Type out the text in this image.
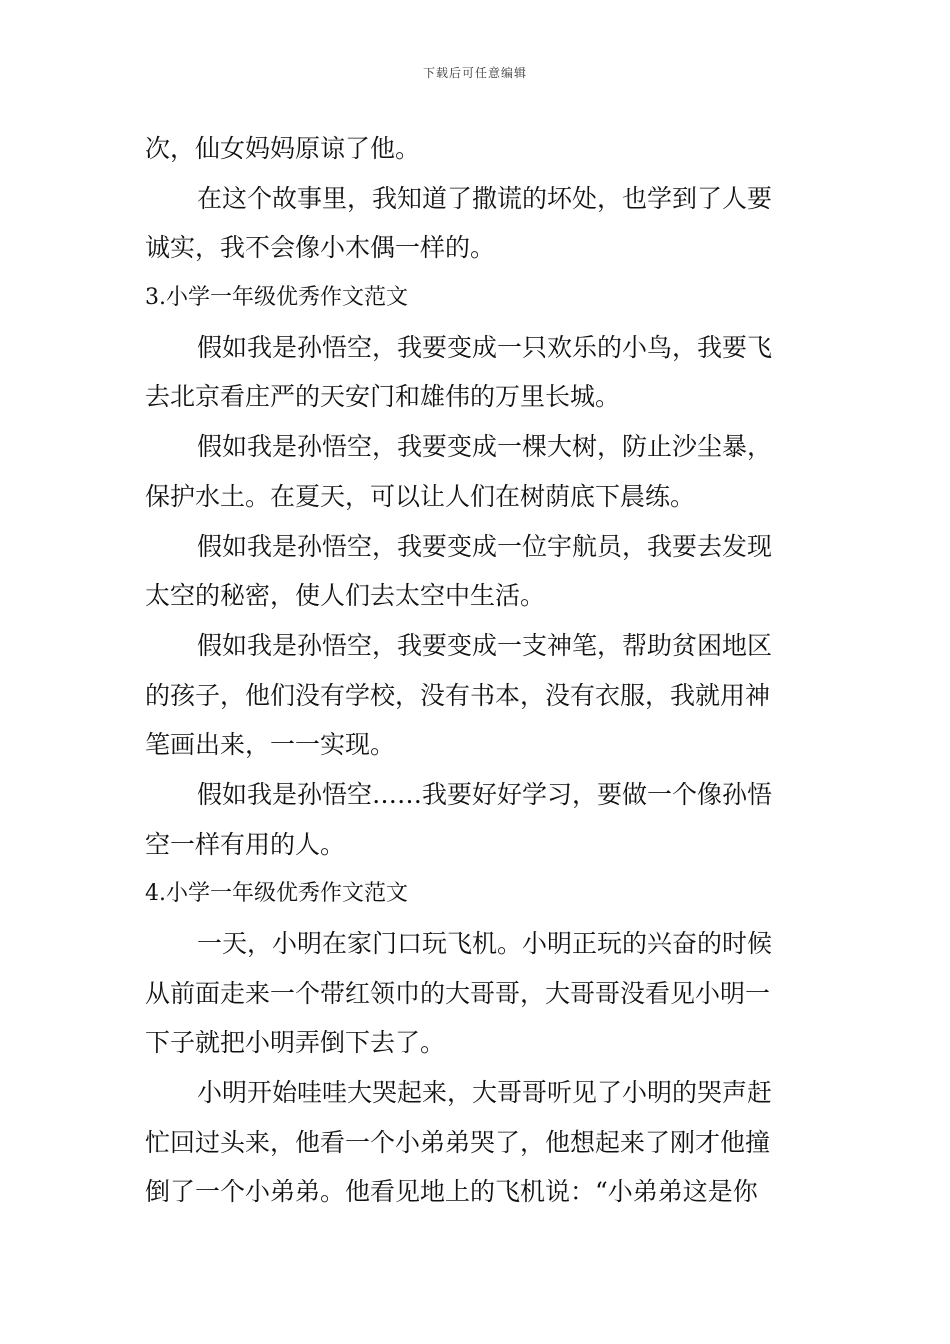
下载后可任意编辑
次，仙女妈妈原谅了他。
在这个故事里，我知道了撒谎的坏处，也学到了人要
诚实，我不会像小木偶一样的。
3.小学一年级优秀作文范文
假如我是孙悟空，我要变成一只欢乐的小鸟，我要飞
去北京看庄严的天安门和雄伟的万里长城。
假如我是孙悟空，我要变成一棵大树，防止沙尘暴，
保护水土。在夏天，可以让人们在树荫底下晨练。
假如我是孙悟空，我要变成一位宇航员，我要去发现
太空的秘密，使人们去太空中生活。
假如我是孙悟空，我要变成一支神笔，帮助贫困地区
的孩子，他们没有学校，没有书本，没有衣服，我就用神
笔画出来，一一实现。
假如我是孙悟空……我要好好学习，要做一个像孙悟
空一样有用的人。
4.小学一年级优秀作文范文
一天，小明在家门口玩飞机。小明正玩的兴奋的时候
从前面走来一个带红领巾的大哥哥，大哥哥没看见小明一
下子就把小明弄倒下去了。
小明开始哇哇大哭起来，大哥哥听见了小明的哭声赶
忙回过头来，他看一个小弟弟哭了，他想起来了刚才他撞
倒了一个小弟弟。他看见地上的飞机说：“小弟弟这是你
